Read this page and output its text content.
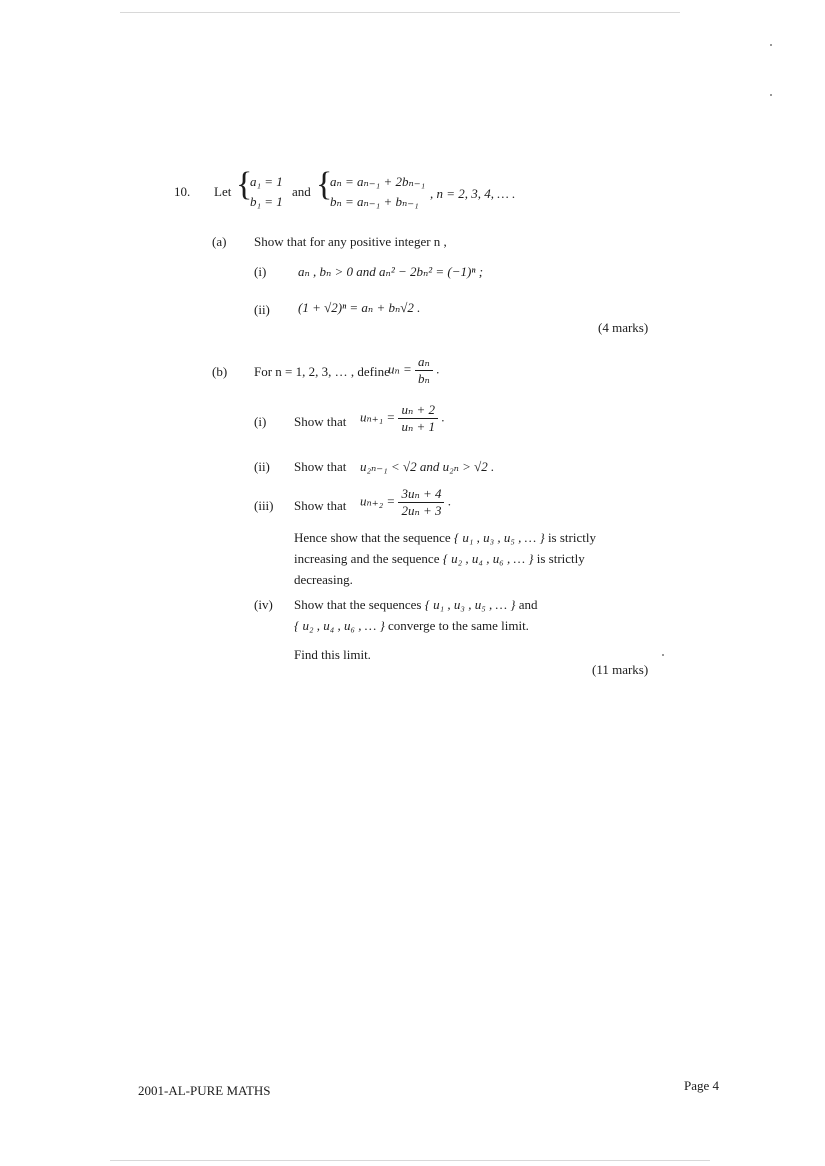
10. Let {
a₁ = 1
b₁ = 1
and {
aₙ = aₙ₋₁ + 2bₙ₋₁
bₙ = aₙ₋₁ + bₙ₋₁
, n = 2, 3, 4, … .
(a) Show that for any positive integer n ,
(i) aₙ , bₙ > 0 and aₙ² − 2bₙ² = (−1)ⁿ ;
(ii) (1 + √2)ⁿ = aₙ + bₙ√2 .
(4 marks)
(b) For n = 1, 2, 3, … , define
$u_n = \frac{\text{aₙ}}{\text{bₙ}}$ .
(i) Show that $u_{n+1} = \frac{\text{uₙ + 2}}{\text{uₙ + 1}}$ .
(ii) Show that u₂ₙ₋₁ < √2 and u₂ₙ > √2 .
(iii) Show that $u_{n+2} = \frac{\text{3uₙ + 4}}{\text{2uₙ + 3}}$ .
Hence show that the sequence { u₁ , u₃ , u₅ , … } is strictly
increasing and the sequence { u₂ , u₄ , u₆ , … } is strictly
decreasing.
(iv) Show that the sequences { u₁ , u₃ , u₅ , … } and
{ u₂ , u₄ , u₆ , … } converge to the same limit.
Find this limit.
(11 marks)
2001-AL-PURE MATHS	Page 4
